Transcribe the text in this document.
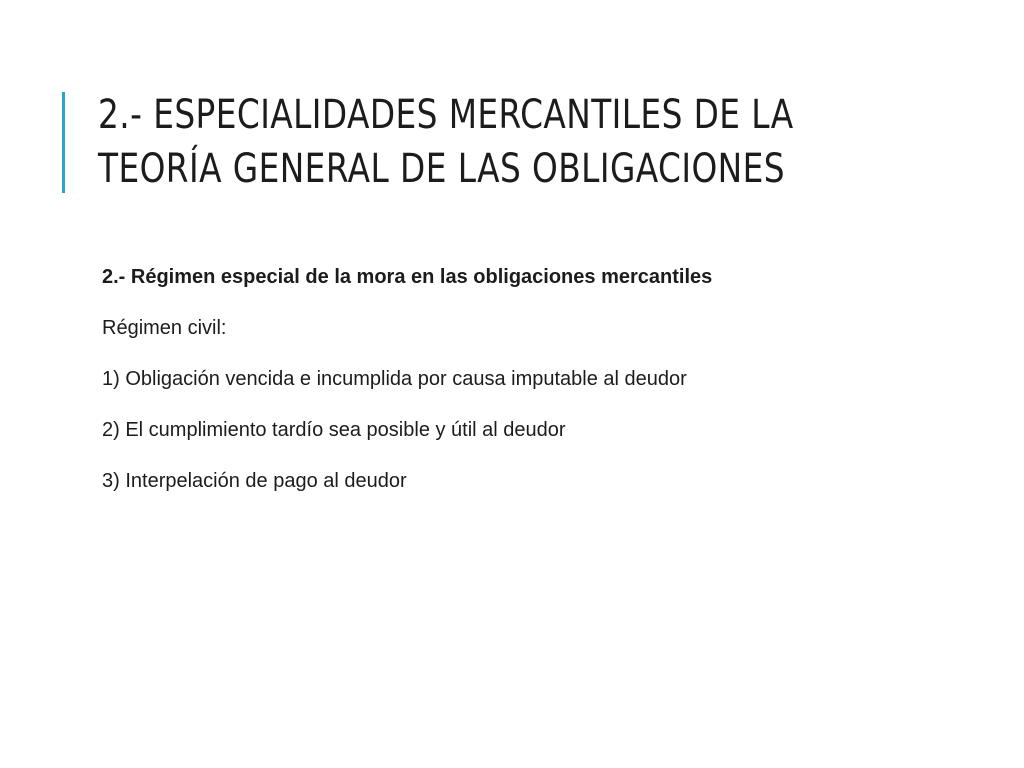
2.- ESPECIALIDADES MERCANTILES DE LA
TEORÍA GENERAL DE LAS OBLIGACIONES
2.- Régimen especial de la mora en las obligaciones mercantiles
Régimen civil:
1) Obligación vencida e incumplida por causa imputable al deudor
2) El cumplimiento tardío sea posible y útil al deudor
3) Interpelación de pago al deudor
